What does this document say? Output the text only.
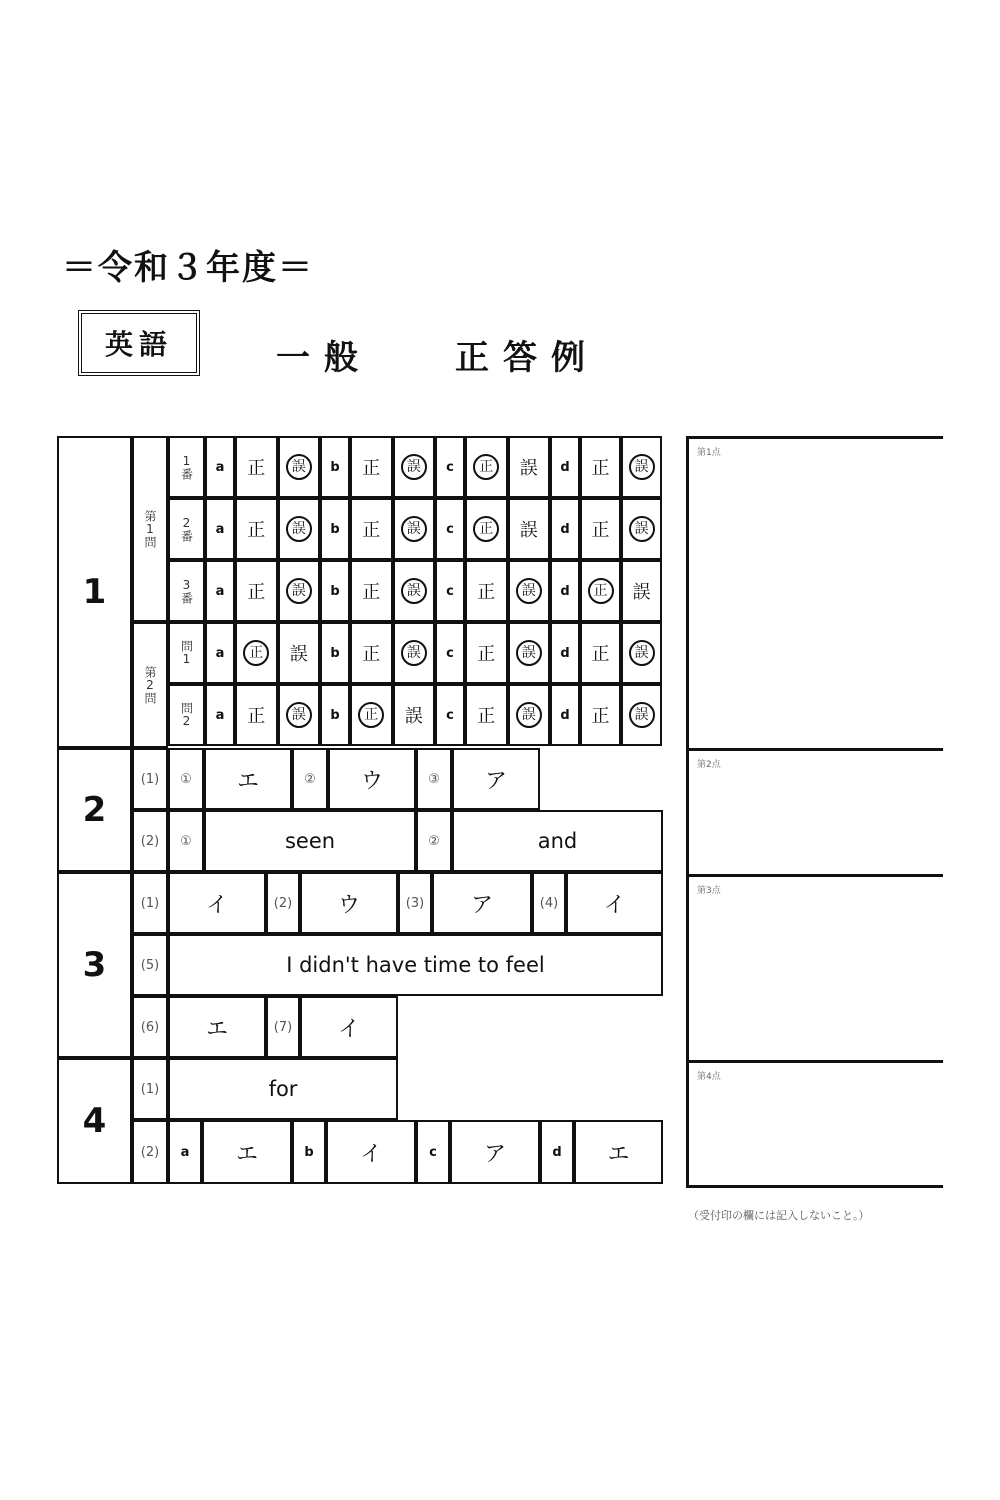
＝令和３年度＝
英語	一般 正答例
1
第1問
第2問
1番	a	正	誤	b	正	誤	c	正	誤	d	正	誤
2番	a	正	誤	b	正	誤	c	正	誤	d	正	誤
3番	a	正	誤	b	正	誤	c	正	誤	d	正	誤
問1	a	正	誤	b	正	誤	c	正	誤	d	正	誤
問2	a	正	誤	b	正	誤	c	正	誤	d	正	誤
2
(1)	①	エ	②	ウ	③	ア
(2)	①	seen	②	and
3
(1)	イ	(2)	ウ	(3)	ア	(4)	イ
(5)	I didn't have time to feel
(6)	エ	(7)	イ
4
(1)	for
(2)	a	エ	b	イ	c	ア	d	エ
第1点
第2点
第3点
第4点
（受付印の欄には記入しないこと。）
